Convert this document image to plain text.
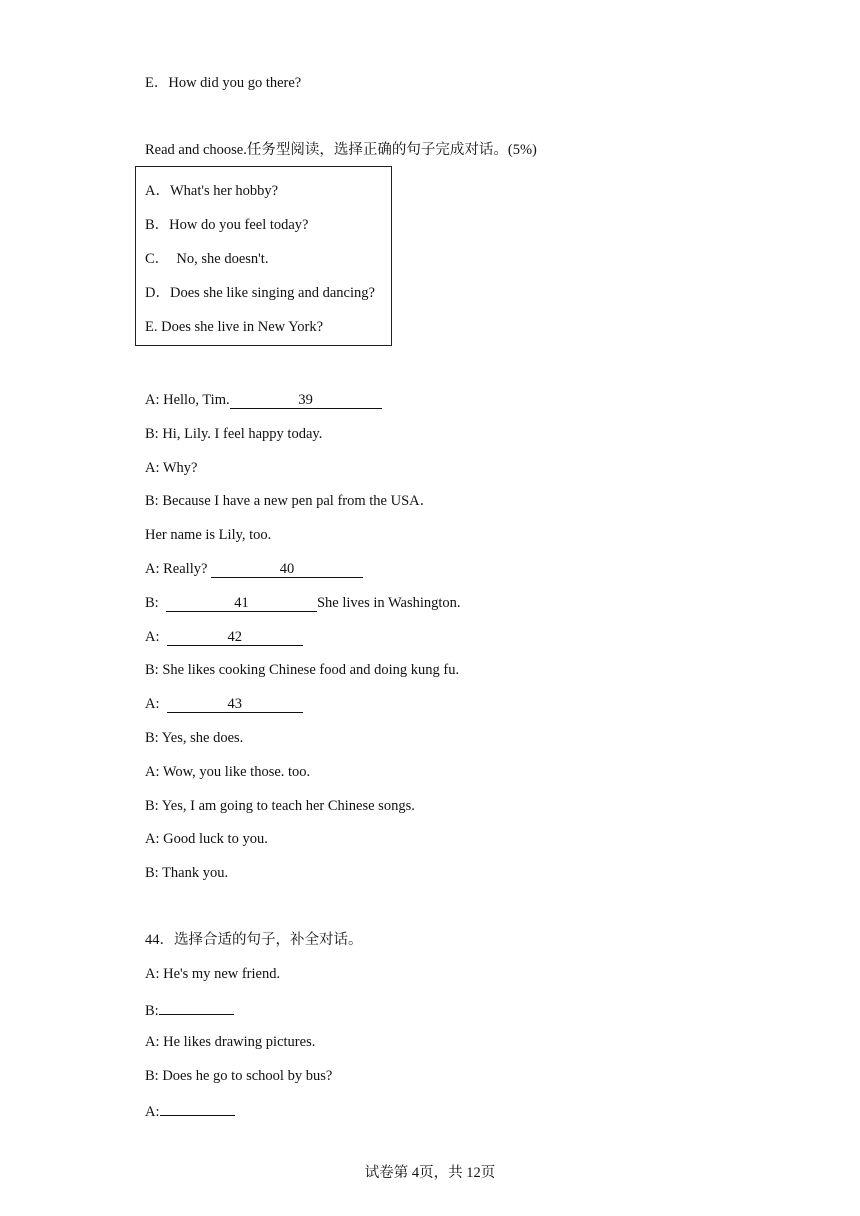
E．How did you go there?
Read and choose.任务型阅读，选择正确的句子完成对话。(5%)
A．What's her hobby?
B．How do you feel today?
C．  No, she doesn't.
D．Does she like singing and dancing?
E. Does she live in New York?
A: Hello, Tim.	39
B: Hi, Lily. I feel happy today.
A: Why?
B: Because I have a new pen pal from the USA．
Her name is Lily, too.
A: Really?	40
B:	41	She lives in Washington.
A:	42
B: She likes cooking Chinese food and doing kung fu.
A:	43
B: Yes, she does.
A: Wow, you like those. too.
B: Yes, I am going to teach her Chinese songs.
A: Good luck to you.
B: Thank you.
44．选择合适的句子，补全对话。
A: He's my new friend.
B:
A: He likes drawing pictures.
B: Does he go to school by bus?
A:
试卷第 4页，共 12页
